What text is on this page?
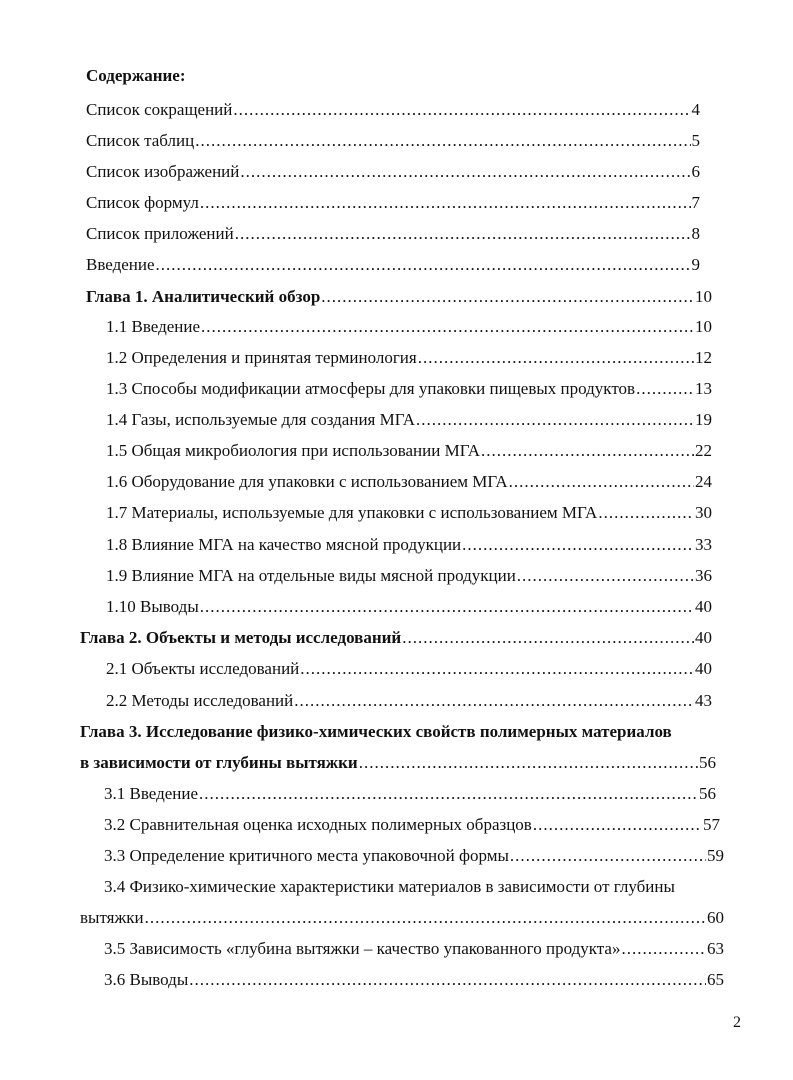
Содержание:
Список сокращений .....	4
Список таблиц .....	5
Список изображений .....	6
Список формул .....	7
Список приложений .....	8
Введение .....	9
Глава 1. Аналитический обзор .....	10
1.1 Введение .....	10
1.2 Определения и принятая терминология .....	12
1.3 Способы модификации атмосферы для упаковки пищевых продуктов .....	13
1.4 Газы, используемые для создания МГА .....	19
1.5 Общая микробиология при использовании МГА .....	22
1.6 Оборудование для упаковки с использованием МГА .....	24
1.7 Материалы, используемые для упаковки с использованием МГА .....	30
1.8 Влияние МГА на качество мясной продукции .....	33
1.9 Влияние МГА на отдельные виды мясной продукции .....	36
1.10 Выводы .....	40
Глава 2. Объекты и методы исследований .....	40
2.1 Объекты исследований .....	40
2.2 Методы исследований .....	43
Глава 3. Исследование физико-химических свойств полимерных материалов
в зависимости от глубины вытяжки .....	56
3.1 Введение .....	56
3.2 Сравнительная оценка исходных полимерных образцов .....	57
3.3 Определение критичного места упаковочной формы .....	59
3.4 Физико-химические характеристики материалов в зависимости от глубины
вытяжки .....	60
3.5 Зависимость «глубина вытяжки – качество упакованного продукта» .....	63
3.6 Выводы .....	65
2
